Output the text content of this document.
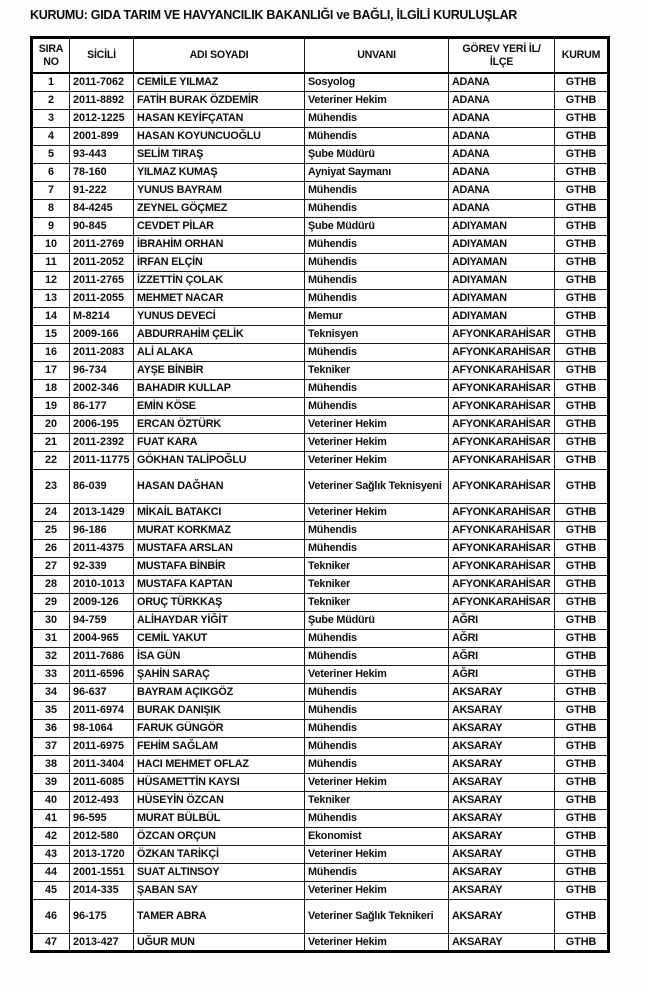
KURUMU: GIDA TARIM VE HAVYANCILIK BAKANLIĞI ve BAĞLI, İLGİLİ KURULUŞLAR
SIRA NO	SİCİLİ	ADI SOYADI	UNVANI	GÖREV YERİ İL/İLÇE	KURUM
1	2011-7062	CEMİLE YILMAZ	Sosyolog	ADANA	GTHB
2	2011-8892	FATİH BURAK ÖZDEMİR	Veteriner Hekim	ADANA	GTHB
3	2012-1225	HASAN KEYİFÇATAN	Mühendis	ADANA	GTHB
4	2001-899	HASAN KOYUNCUOĞLU	Mühendis	ADANA	GTHB
5	93-443	SELİM TIRAŞ	Şube Müdürü	ADANA	GTHB
6	78-160	YILMAZ KUMAŞ	Ayniyat Saymanı	ADANA	GTHB
7	91-222	YUNUS BAYRAM	Mühendis	ADANA	GTHB
8	84-4245	ZEYNEL GÖÇMEZ	Mühendis	ADANA	GTHB
9	90-845	CEVDET PİLAR	Şube Müdürü	ADIYAMAN	GTHB
10	2011-2769	İBRAHİM ORHAN	Mühendis	ADIYAMAN	GTHB
11	2011-2052	İRFAN ELÇİN	Mühendis	ADIYAMAN	GTHB
12	2011-2765	İZZETTİN ÇOLAK	Mühendis	ADIYAMAN	GTHB
13	2011-2055	MEHMET NACAR	Mühendis	ADIYAMAN	GTHB
14	M-8214	YUNUS DEVECİ	Memur	ADIYAMAN	GTHB
15	2009-166	ABDURRAHİM ÇELİK	Teknisyen	AFYONKARAHİSAR	GTHB
16	2011-2083	ALİ ALAKA	Mühendis	AFYONKARAHİSAR	GTHB
17	96-734	AYŞE BİNBİR	Tekniker	AFYONKARAHİSAR	GTHB
18	2002-346	BAHADIR KULLAP	Mühendis	AFYONKARAHİSAR	GTHB
19	86-177	EMİN KÖSE	Mühendis	AFYONKARAHİSAR	GTHB
20	2006-195	ERCAN ÖZTÜRK	Veteriner Hekim	AFYONKARAHİSAR	GTHB
21	2011-2392	FUAT KARA	Veteriner Hekim	AFYONKARAHİSAR	GTHB
22	2011-11775	GÖKHAN TALİPOĞLU	Veteriner Hekim	AFYONKARAHİSAR	GTHB
23	86-039	HASAN DAĞHAN	Veteriner Sağlık Teknisyeni	AFYONKARAHİSAR	GTHB
24	2013-1429	MİKAİL BATAKCI	Veteriner Hekim	AFYONKARAHİSAR	GTHB
25	96-186	MURAT KORKMAZ	Mühendis	AFYONKARAHİSAR	GTHB
26	2011-4375	MUSTAFA ARSLAN	Mühendis	AFYONKARAHİSAR	GTHB
27	92-339	MUSTAFA BİNBİR	Tekniker	AFYONKARAHİSAR	GTHB
28	2010-1013	MUSTAFA KAPTAN	Tekniker	AFYONKARAHİSAR	GTHB
29	2009-126	ORUÇ TÜRKKAŞ	Tekniker	AFYONKARAHİSAR	GTHB
30	94-759	ALİHAYDAR YİĞİT	Şube Müdürü	AĞRI	GTHB
31	2004-965	CEMİL YAKUT	Mühendis	AĞRI	GTHB
32	2011-7686	İSA GÜN	Mühendis	AĞRI	GTHB
33	2011-6596	ŞAHİN SARAÇ	Veteriner Hekim	AĞRI	GTHB
34	96-637	BAYRAM AÇIKGÖZ	Mühendis	AKSARAY	GTHB
35	2011-6974	BURAK DANIŞIK	Mühendis	AKSARAY	GTHB
36	98-1064	FARUK GÜNGÖR	Mühendis	AKSARAY	GTHB
37	2011-6975	FEHİM SAĞLAM	Mühendis	AKSARAY	GTHB
38	2011-3404	HACI MEHMET OFLAZ	Mühendis	AKSARAY	GTHB
39	2011-6085	HÜSAMETTİN KAYSI	Veteriner Hekim	AKSARAY	GTHB
40	2012-493	HÜSEYİN ÖZCAN	Tekniker	AKSARAY	GTHB
41	96-595	MURAT BÜLBÜL	Mühendis	AKSARAY	GTHB
42	2012-580	ÖZCAN ORÇUN	Ekonomist	AKSARAY	GTHB
43	2013-1720	ÖZKAN TARİKÇİ	Veteriner Hekim	AKSARAY	GTHB
44	2001-1551	SUAT ALTINSOY	Mühendis	AKSARAY	GTHB
45	2014-335	ŞABAN SAY	Veteriner Hekim	AKSARAY	GTHB
46	96-175	TAMER ABRA	Veteriner Sağlık Teknikeri	AKSARAY	GTHB
47	2013-427	UĞUR MUN	Veteriner Hekim	AKSARAY	GTHB
